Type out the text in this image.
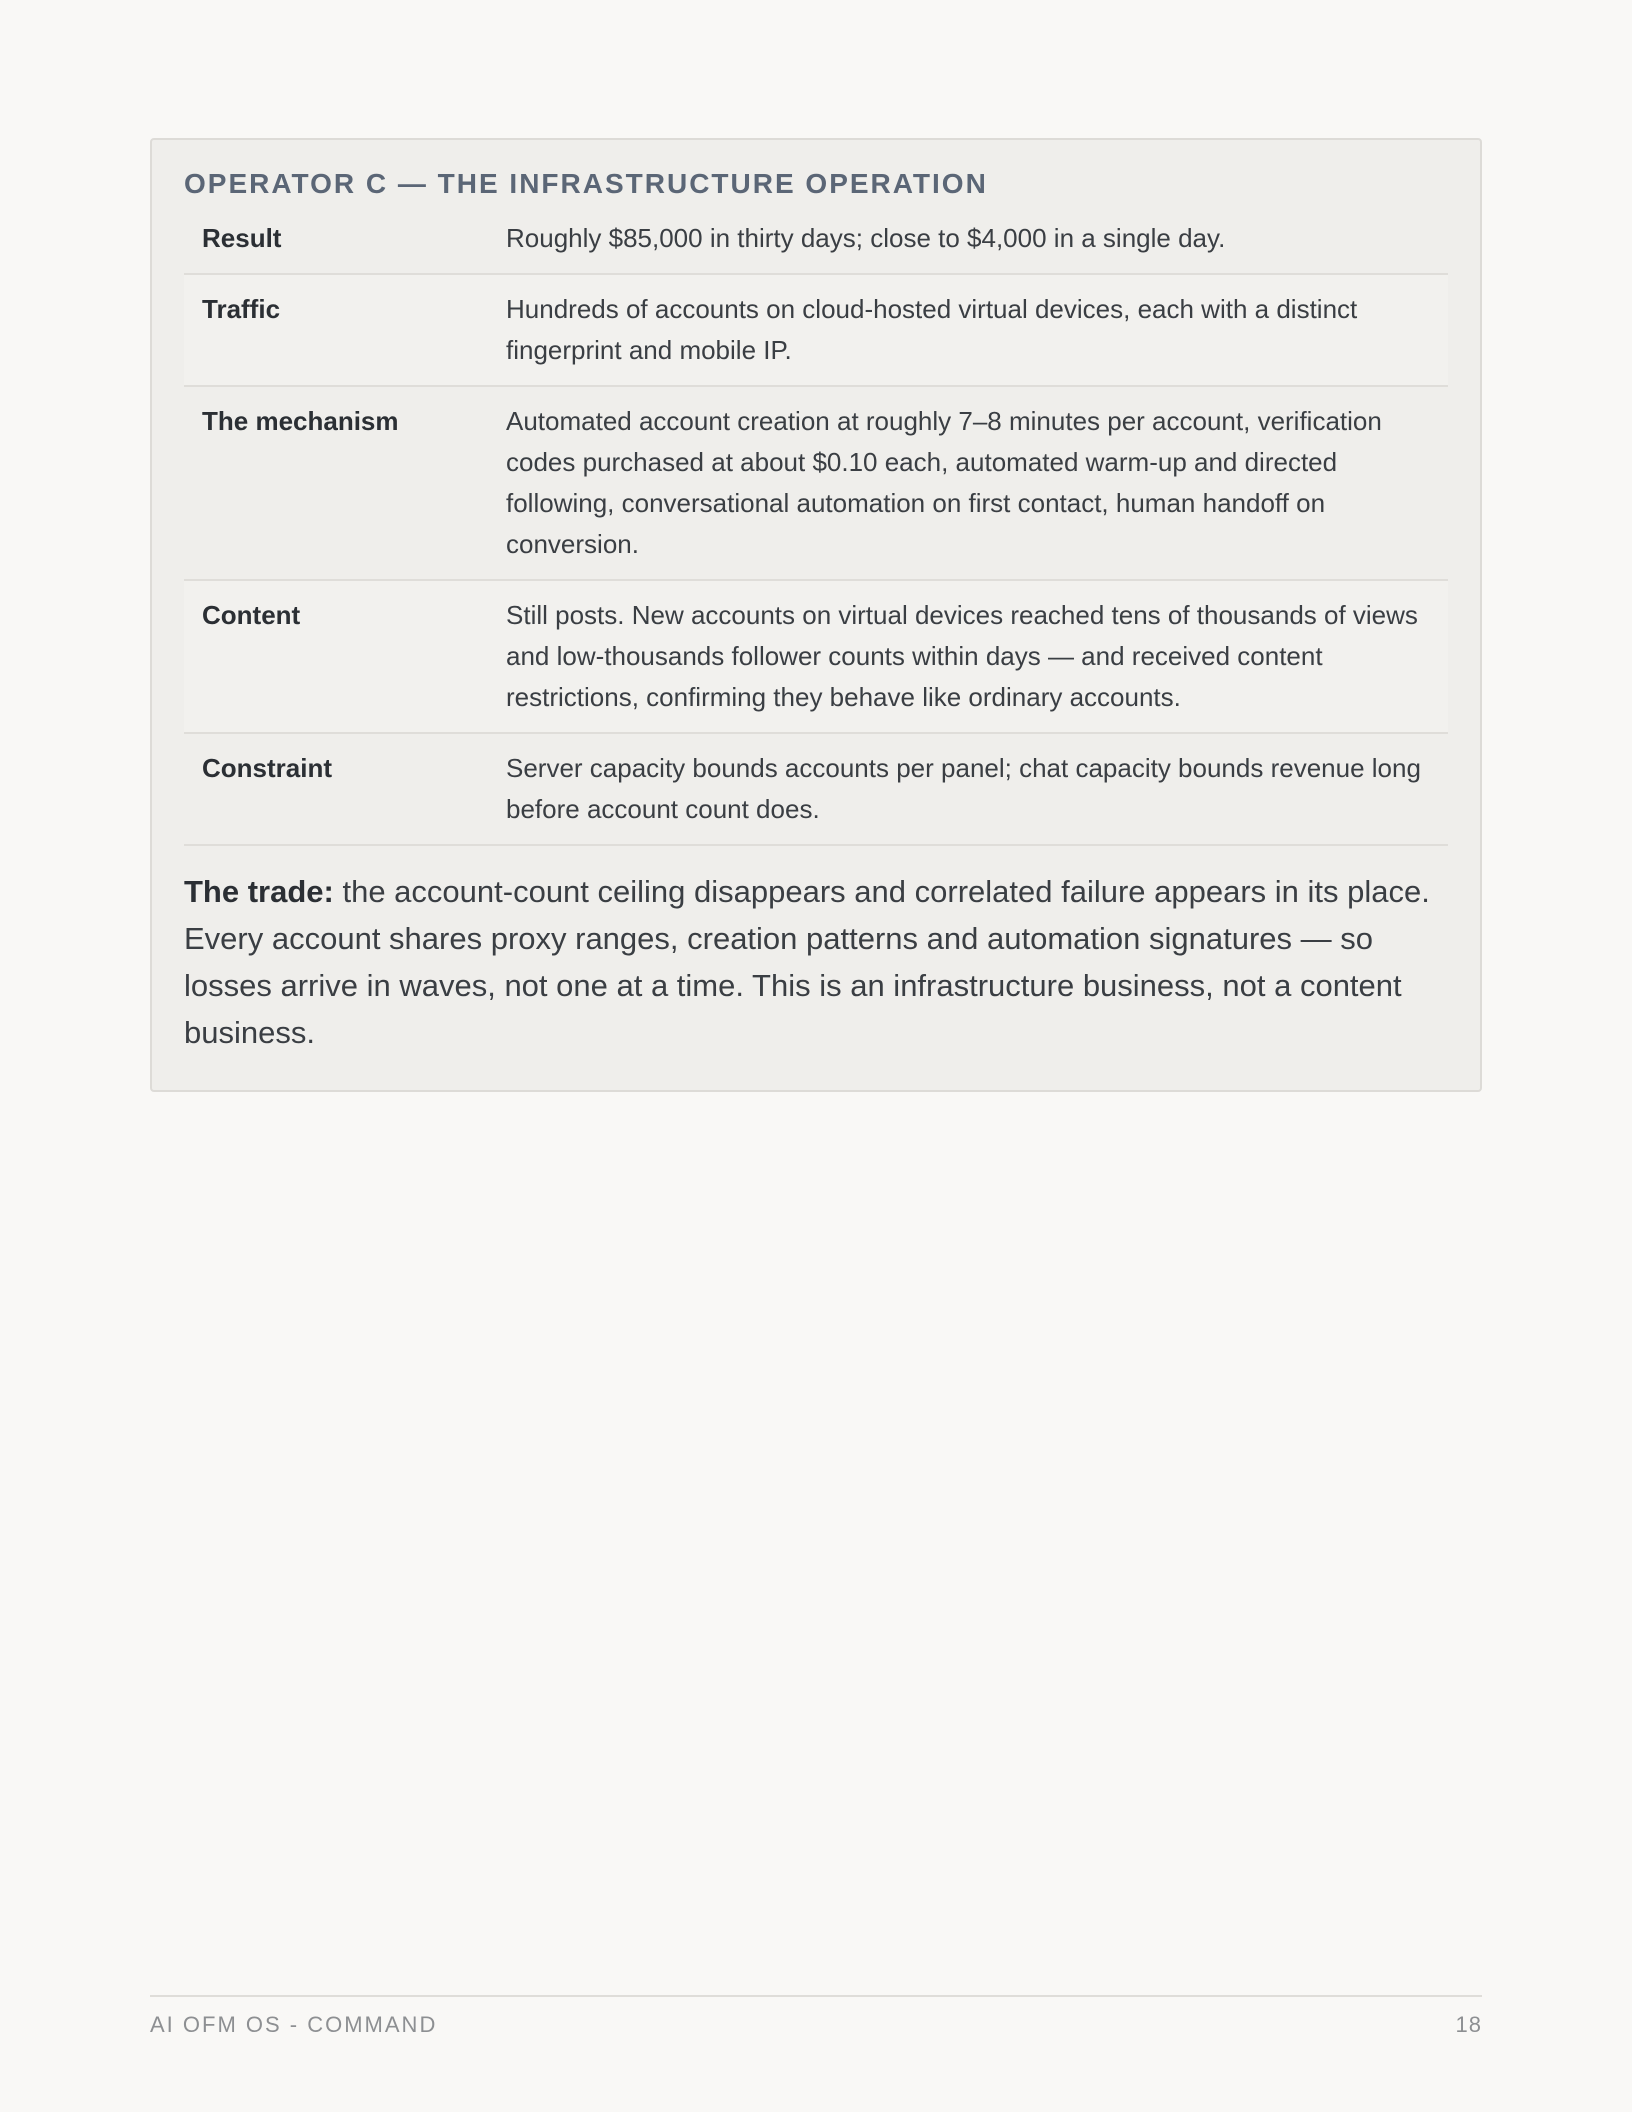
OPERATOR C — THE INFRASTRUCTURE OPERATION
Result	Roughly $85,000 in thirty days; close to $4,000 in a single day.
Traffic	Hundreds of accounts on cloud-hosted virtual devices, each with a distinct fingerprint and mobile IP.
The mechanism	Automated account creation at roughly 7–8 minutes per account, verification codes purchased at about $0.10 each, automated warm-up and directed following, conversational automation on first contact, human handoff on conversion.
Content	Still posts. New accounts on virtual devices reached tens of thousands of views and low-thousands follower counts within days — and received content restrictions, confirming they behave like ordinary accounts.
Constraint	Server capacity bounds accounts per panel; chat capacity bounds revenue long before account count does.

The trade: the account-count ceiling disappears and correlated failure appears in its place. Every account shares proxy ranges, creation patterns and automation signatures — so losses arrive in waves, not one at a time. This is an infrastructure business, not a content business.

AI OFM OS - COMMAND	18
